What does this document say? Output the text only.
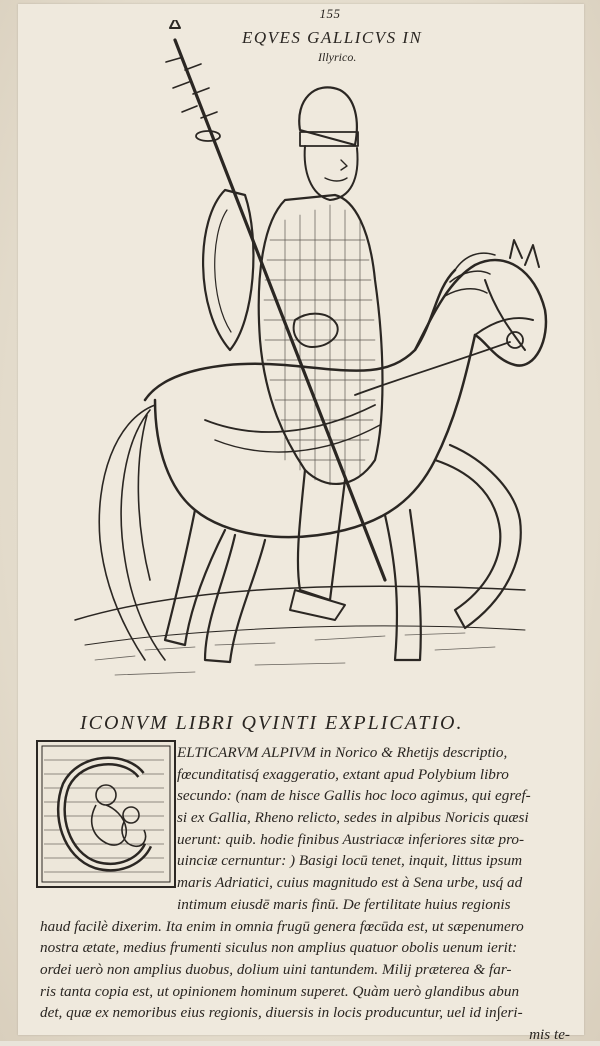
155
EQVES GALLICVS IN
Illyrico.
ICONVM LIBRI QVINTI EXPLICATIO.
ELTICARVM ALPIVM in Norico & Rhetijs descriptio,
fœcunditatisq́ exaggeratio, extant apud Polybium libro
secundo: (nam de hisce Gallis hoc loco agimus, qui egref-
si ex Gallia, Rheno relicto, sedes in alpibus Noricis quæsi
uerunt: quib. hodie finibus Austriacæ inferiores sitæ pro-
uinciæ cernuntur: ) Basigi locū tenet, inquit, littus ipsum
maris Adriatici, cuius magnitudo est à Sena urbe, usq́ ad
intimum eiusdē maris finū. De fertilitate huius regionis
haud facilè dixerim. Ita enim in omnia frugū genera fœcūda est, ut sæpenumero
nostra ætate, medius frumenti siculus non amplius quatuor obolis uenum ierit:
ordei uerò non amplius duobus, dolium uini tantundem. Milij præterea & far-
ris tanta copia est, ut opinionem hominum superet. Quàm uerò glandibus abun
det, quæ ex nemoribus eius regionis, diuersis in locis producuntur, uel id in∫eri-
mis te-
